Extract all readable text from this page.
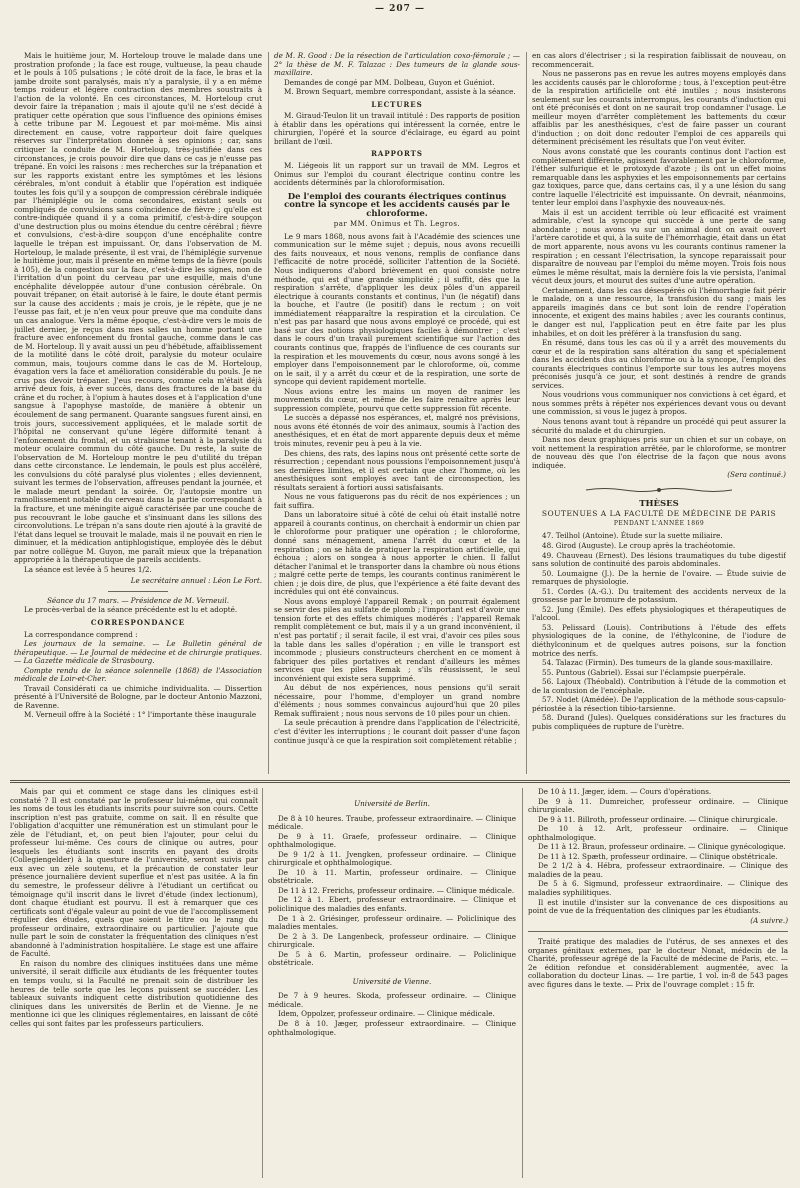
— 207 —

Mais le huitième jour, M. Horteloup trouve le malade dans une prostration profonde ; la face est rouge, vultueuse, la peau chaude et le pouls à 105 pulsations ; le côté droit de la face, le bras et la jambe droite sont paralysés, mais n'y a paralysie, il y a en même temps roideur et légère contraction des membres soustraits à l'action de la volonté. En ces circonstances, M. Horteloup crut devoir faire la trépanation ; mais il ajoute qu'il ne s'est décidé à pratiquer cette opération que sous l'influence des opinions émises à cette tribune par M. Legouest et par moi-même. Mis ainsi directement en cause, votre rapporteur doit faire quelques réserves sur l'interprétation donnée à ses opinions ; car, sans critiquer la conduite de M. Horteloup, très-justifiée dans ces circonstances, je crois pouvoir dire que dans ce cas je n'eusse pas trépané. En voici les raisons : mes recherches sur la trépanation et sur les rapports existant entre les symptômes et les lésions cérébrales, m'ont conduit à établir que l'opération est indiquée toutes les fois qu'il y a soupçon de compression cérébrale indiquée par l'hémiplégie ou le coma secondaires, existant seuls ou compliqués de convulsions sans coïncidence de fièvre ; qu'elle est contre-indiquée quand il y a coma primitif, c'est-à-dire soupçon d'une destruction plus ou moins étendue du centre cérébral ; fièvre et convulsions, c'est-à-dire soupçon d'une encéphalite contre laquelle le trépan est impuissant. Or, dans l'observation de M. Horteloup, le malade présente, il est vrai, de l'hémiplégie survenue le huitième jour, mais il présente en même temps de la fièvre (pouls à 105), de la congestion sur la face, c'est-à-dire les signes, non de l'irritation d'un point du cerveau par une esquille, mais d'une encéphalite développée autour d'une contusion cérébrale. On pouvait trépaner, on était autorisé à le faire, le doute étant permis sur la cause des accidents ; mais je crois, je le répète, que je ne l'eusse pas fait, et je n'en veux pour preuve que ma conduite dans un cas analogue. Vers la même époque, c'est-à-dire vers le mois de juillet dernier, je reçus dans mes salles un homme portant une fracture avec enfoncement du frontal gauche, comme dans le cas de M. Horteloup. Il y avait aussi un peu d'hébétude, affaiblissement de la motilité dans le côté droit, paralysie du moteur oculaire commun, mais, toujours comme dans le cas de M. Horteloup, évagation vers la face et amélioration considérable du pouls. Je ne crus pas devoir trépaner. J'eus recours, comme cela m'était déjà arrivé deux fois, à ever succès, dans des fractures de la base du crâne et du rocher, à l'opium à hautes doses et à l'application d'une sangsue à l'apophyse mastoïde, de manière à obtenir un écoulement de sang permanent. Quarante sangsues furent ainsi, en trois jours, successivement appliquées, et le malade sortit de l'hôpital ne conservant qu'une légère difformité tenant à l'enfoncement du frontal, et un strabisme tenant à la paralysie du moteur oculaire commun du côté gauche. Du reste, la suite de l'observation de M. Horteloup montre le peu d'utilité du trépan dans cette circonstance. Le lendemain, le pouls est plus accéléré, les convulsions du côté paralysé plus violentes ; elles deviennent, suivant les termes de l'observation, affreuses pendant la journée, et le malade meurt pendant la soirée. Or, l'autopsie montre un ramollissement notable du cerveau dans la partie correspondant à la fracture, et une méningite aiguë caractérisée par une couche de pus recouvrant le lobe gauche et s'insinuant dans les sillons des circonvolutions. Le trépan n'a sans doute rien ajouté à la gravité de l'état dans lequel se trouvait le malade, mais il ne pouvait en rien le diminuer, et la médication antiphlogistique, employée dès le début par notre collègue M. Guyon, me paraît mieux que la trépanation appropriée à la thérapeutique de pareils accidents.

La séance est levée à 5 heures 1/2.

Le secrétaire annuel : Léon Le Fort.

Séance du 17 mars. — Présidence de M. Verneuil.

Le procès-verbal de la séance précédente est lu et adopté.

CORRESPONDANCE

La correspondance comprend :

Les journaux de la semaine. — Le Bulletin général de thérapeutique. — Le Journal de médecine et de chirurgie pratiques. — La Gazette médicale de Strasbourg.

Compte rendu de la séance solennelle (1868) de l'Association médicale de Loir-et-Cher.

Travail Considérati ca ue chimiche individualita. — Dissertion présenté à l'Université de Bologne, par le docteur Antonio Mazzoni, de Ravenne.

M. Verneuil offre à la Société : 1° l'importante thèse inaugurale

de M. R. Good : De la résection de l'articulation coxo-fémorale ; — 2° la thèse de M. F. Talazac : Des tumeurs de la glande sous-maxillaire.

Demandes de congé par MM. Dolbeau, Guyon et Guéniot.

M. Brown Sequart, membre correspondant, assiste à la séance.

LECTURES

M. Giraud-Teulon lit un travail intitulé : Des rapports de position à établir dans les opérations qui intéressent la cornée, entre le chirurgien, l'opéré et la source d'éclairage, eu égard au point brillant de l'œil.

RAPPORTS

M. Liégeois lit un rapport sur un travail de MM. Legros et Onimus sur l'emploi du courant électrique continu contre les accidents déterminés par la chloroformisation.

De l'emploi des courants électriques continus contre la syncope et les accidents causés par le chloroforme.

par MM. Onimus et Th. Legros.

Le 9 mars 1868, nous avons fait à l'Académie des sciences une communication sur le même sujet ; depuis, nous avons recueilli des faits nouveaux, et nous venons, remplis de confiance dans l'efficacité de notre procédé, solliciter l'attention de la Société. Nous indiquerons d'abord brièvement en quoi consiste notre méthode, qui est d'une grande simplicité ; il suffit, dès que la respiration s'arrête, d'appliquer les deux pôles d'un appareil électrique à courants constants et continus, l'un (le négatif) dans la bouche, et l'autre (le positif) dans le rectum ; on voit immédiatement réapparaître la respiration et la circulation. Ce n'est pas par hasard que nous avons employé ce procédé, qui est basé sur des notions physiologiques faciles à démontrer ; c'est dans le cours d'un travail purement scientifique sur l'action des courants continus que, frappés de l'influence de ces courants sur la respiration et les mouvements du cœur, nous avons songé à les employer dans l'empoisonnement par le chloroforme, où, comme on le sait, il y a arrêt du cœur et de la respiration, une sorte de syncope qui devient rapidement mortelle.

Nous avions entre les mains un moyen de ranimer les mouvements du cœur, et même de les faire renaître après leur suppression complète, pourvu que cette suppression fût récente.

Le succès a dépassé nos espérances, et, malgré nos prévisions, nous avons été étonnés de voir des animaux, soumis à l'action des anesthésiques, et en état de mort apparente depuis deux et même trois minutes, revenir peu à peu à la vie.

Des chiens, des rats, des lapins nous ont présenté cette sorte de résurrection ; cependant nous poussions l'empoisonnement jusqu'à ses dernières limites, et il est certain que chez l'homme, où les anesthésiques sont employés avec tant de circonspection, les résultats seraient à fortiori aussi satisfaisants.

Nous ne vous fatiguerons pas du récit de nos expériences ; un fait suffira.

Dans un laboratoire situé à côté de celui où était installé notre appareil à courants continus, on cherchait à endormir un chien par le chloroforme pour pratiquer une opération ; le chloroforme, donné sans ménagement, amena l'arrêt du cœur et de la respiration ; on se hâta de pratiquer la respiration artificielle, qui échoua ; alors on songea à nous apporter le chien. Il fallut détacher l'animal et le transporter dans la chambre où nous étions ; malgré cette perte de temps, les courants continus ranimèrent le chien ; je dois dire, de plus, que l'expérience a été faite devant des incrédules qui ont été convaincus.

Nous avons employé l'appareil Remak ; on pourrait également se servir des piles au sulfate de plomb ; l'important est d'avoir une tension forte et des effets chimiques modérés ; l'appareil Remak remplit complètement ce but, mais il y a un grand inconvénient, il n'est pas portatif ; il serait facile, il est vrai, d'avoir ces piles sous la table dans les salles d'opération ; en ville le transport est incommode ; plusieurs constructeurs cherchent en ce moment à fabriquer des piles portatives et rendant d'ailleurs les mêmes services que les piles Remak ; s'ils réussissent, le seul inconvénient qui existe sera supprimé.

Au début de nos expériences, nous pensions qu'il serait nécessaire, pour l'homme, d'employer un grand nombre d'éléments ; nous sommes convaincus aujourd'hui que 20 piles Remak suffiraient ; nous nous servons de 10 piles pour un chien.

La seule précaution à prendre dans l'application de l'électricité, c'est d'éviter les interruptions ; le courant doit passer d'une façon continue jusqu'à ce que la respiration soit complètement rétablie ;

en cas alors d'électriser ; si la respiration faiblissait de nouveau, on recommencerait.

Nous ne passerons pas en revue les autres moyens employés dans les accidents causés par le chloroforme ; tous, à l'exception peut-être de la respiration artificielle ont été inutiles ; nous insisterons seulement sur les courants interrompus, les courants d'induction qui ont été préconisés et dont on ne saurait trop condamner l'usage. Le meilleur moyen d'arrêter complètement les battements du cœur affaiblis par les anesthésiques, c'est de faire passer un courant d'induction ; on doit donc redouter l'emploi de ces appareils qui déterminent précisément les résultats que l'on veut éviter.

Nous avons constaté que les courants continus dont l'action est complètement différente, agissent favorablement par le chloroforme, l'éther sulfurique et le protoxyde d'azote ; ils ont un effet moins remarquable dans les asphyxies et les empoisonnements par certains gaz toxiques, parce que, dans certains cas, il y a une lésion du sang contre laquelle l'électricité est impuissante. On devrait, néanmoins, tenter leur emploi dans l'asphyxie des nouveaux-nés.

Mais il est un accident terrible où leur efficacité est vraiment admirable, c'est la syncope qui succède à une perte de sang abondante ; nous avons vu sur un animal dont on avait ouvert l'artère carotide et qui, à la suite de l'hémorrhagie, était dans un état de mort apparente, nous avons vu les courants continus ramener la respiration ; en cessant l'électrisation, la syncope reparaissait pour disparaître de nouveau par l'emploi du même moyen. Trois fois nous eûmes le même résultat, mais la dernière fois la vie persista, l'animal vécut deux jours, et mourut des suites d'une autre opération.

Certainement, dans les cas désespérés où l'hémorrhagie fait périr le malade, on a une ressource, la transfusion du sang ; mais les appareils imaginés dans ce but sont loin de rendre l'opération innocente, et exigent des mains habiles ; avec les courants continus, le danger est nul, l'application peut en être faite par les plus inhabiles, et on doit les préférer à la transfusion du sang.

En résumé, dans tous les cas où il y a arrêt des mouvements du cœur et de la respiration sans altération du sang et spécialement dans les accidents dus au chloroforme ou à la syncope, l'emploi des courants électriques continus l'emporte sur tous les autres moyens préconisés jusqu'à ce jour, et sont destinés à rendre de grands services.

Nous voudrions vous communiquer nos convictions à cet égard, et nous sommes prêts à répéter nos expériences devant vous ou devant une commission, si vous le jugez à propos.

Nous tenons avant tout à répandre un procédé qui peut assurer la sécurité du malade et du chirurgien.

Dans nos deux graphiques pris sur un chien et sur un cobaye, on voit nettement la respiration arrêtée, par le chloroforme, se montrer de nouveau dès que l'on électrise de la façon que nous avons indiquée.

(Sera continué.)

THÈSES

SOUTENUES A LA FACULTÉ DE MÉDECINE DE PARIS

PENDANT L'ANNÉE 1869

47. Teilhol (Antoine). Étude sur la suette miliaire.

48. Girod (Auguste). Le croup après la trachéotomie.

49. Chauveau (Ernest). Des lésions traumatiques du tube digestif sans solution de continuité des parois abdominales.

50. Loumaigne (J.). De la hernie de l'ovaire. — Étude suivie de remarques de physiologie.

51. Cordes (A.-G.). Du traitement des accidents nerveux de la grossesse par le bromure de potassium.

52. Jung (Émile). Des effets physiologiques et thérapeutiques de l'alcool.

53. Pelissard (Louis). Contributions à l'étude des effets physiologiques de la conine, de l'éthylconine, de l'iodure de diéthylconinum et de quelques autres poisons, sur la fonction motrice des nerfs.

54. Talazac (Firmin). Des tumeurs de la glande sous-maxillaire.

55. Puntous (Gabriel). Essai sur l'éclampsie puerpérale.

56. Lajoux (Théobald). Contribution à l'étude de la commotion et de la contusion de l'encéphale.

57. Nodet (Amédée). De l'application de la méthode sous-capsulo-périostée à la résection tibio-tarsienne.

58. Durand (Jules). Quelques considérations sur les fractures du pubis compliquées de rupture de l'urètre.

Mais par qui et comment ce stage dans les cliniques est-il constaté ? Il est constaté par le professeur lui-même, qui connaît les noms de tous les étudiants inscrits pour suivre son cours. Cette inscription n'est pas gratuite, comme on sait. Il en résulte que l'obligation d'acquitter une rémunération est un stimulant pour le zèle de l'étudiant, et, on peut bien l'ajouter, pour celui du professeur lui-même. Ces cours de clinique ou autres, pour lesquels les étudiants sont inscrits en payant des droits (Collegiengelder) à la questure de l'université, seront suivis par eux avec un zèle soutenu, et la précaution de constater leur présence journalière devient superflue et n'est pas usitée. A la fin du semestre, le professeur délivre à l'étudiant un certificat ou témoignage qu'il inscrit dans le livret d'étude (index lectionum), dont chaque étudiant est pourvu. Il est à remarquer que ces certificats sont d'égale valeur au point de vue de l'accomplissement régulier des études, quels que soient le titre ou le rang du professeur ordinaire, extraordinaire ou particulier. J'ajoute que nulle part le soin de constater la fréquentation des cliniques n'est abandonné à l'administration hospitalière. Le stage est une affaire de Faculté.

En raison du nombre des cliniques instituées dans une même université, il serait difficile aux étudiants de les fréquenter toutes en temps voulu, si la Faculté ne prenait soin de distribuer les heures de telle sorte que les leçons puissent se succéder. Les tableaux suivants indiquent cette distribution quotidienne des cliniques dans les universités de Berlin et de Vienne. Je ne mentionne ici que les cliniques réglementaires, en laissant de côté celles qui sont faites par les professeurs particuliers.

Université de Berlin.

De 8 à 10 heures. Traube, professeur extraordinaire. — Clinique médicale.

De 9 à 11. Graefe, professeur ordinaire. — Clinique ophthalmologique.

De 9 1/2 à 11. Jvengken, professeur ordinaire. — Clinique chirurgicale et ophthalmologique.

De 10 à 11. Martin, professeur ordinaire. — Clinique obstétricale.

De 11 à 12. Frerichs, professeur ordinaire. — Clinique médicale.

De 12 à 1. Ebert, professeur extraordinaire. — Clinique et policlinique des maladies des enfants.

De 1 à 2. Griésinger, professeur ordinaire. — Policlinique des maladies mentales.

De 2 à 3. De Langenbeck, professeur ordinaire. — Clinique chirurgicale.

De 5 à 6. Martin, professeur ordinaire. — Policlinique obstétricale.

Université de Vienne.

De 7 à 9 heures. Skoda, professeur ordinaire. — Clinique médicale.

Idem, Oppolzer, professeur ordinaire. — Clinique médicale.

De 8 à 10. Jæger, professeur extraordinaire. — Clinique ophthalmologique.

De 10 à 11. Jæger, idem. — Cours d'opérations.

De 9 à 11. Dumreicher, professeur ordinaire. — Clinique chirurgicale.

De 9 à 11. Billroth, professeur ordinaire. — Clinique chirurgicale.

De 10 à 12. Arlt, professeur ordinaire. — Clinique ophthalmologique.

De 11 à 12. Braun, professeur ordinaire. — Clinique gynécologique.

De 11 à 12. Spæth, professeur ordinaire. — Clinique obstétricale.

De 2 1/2 à 4. Hébra, professeur extraordinaire. — Clinique des maladies de la peau.

De 5 à 6. Sigmund, professeur extraordinaire. — Clinique des maladies syphilitiques.

Il est inutile d'insister sur la convenance de ces dispositions au point de vue de la fréquentation des cliniques par les étudiants.

(A suivre.)

Traité pratique des maladies de l'utérus, de ses annexes et des organes génitaux externes, par le docteur Nonat, médecin de la Charité, professeur agrégé de la Faculté de médecine de Paris, etc. — 2e édition refondue et considérablement augmentée, avec la collaboration du docteur Linas. — 1re partie, 1 vol. in-8 de 543 pages avec figures dans le texte. — Prix de l'ouvrage complet : 15 fr.
